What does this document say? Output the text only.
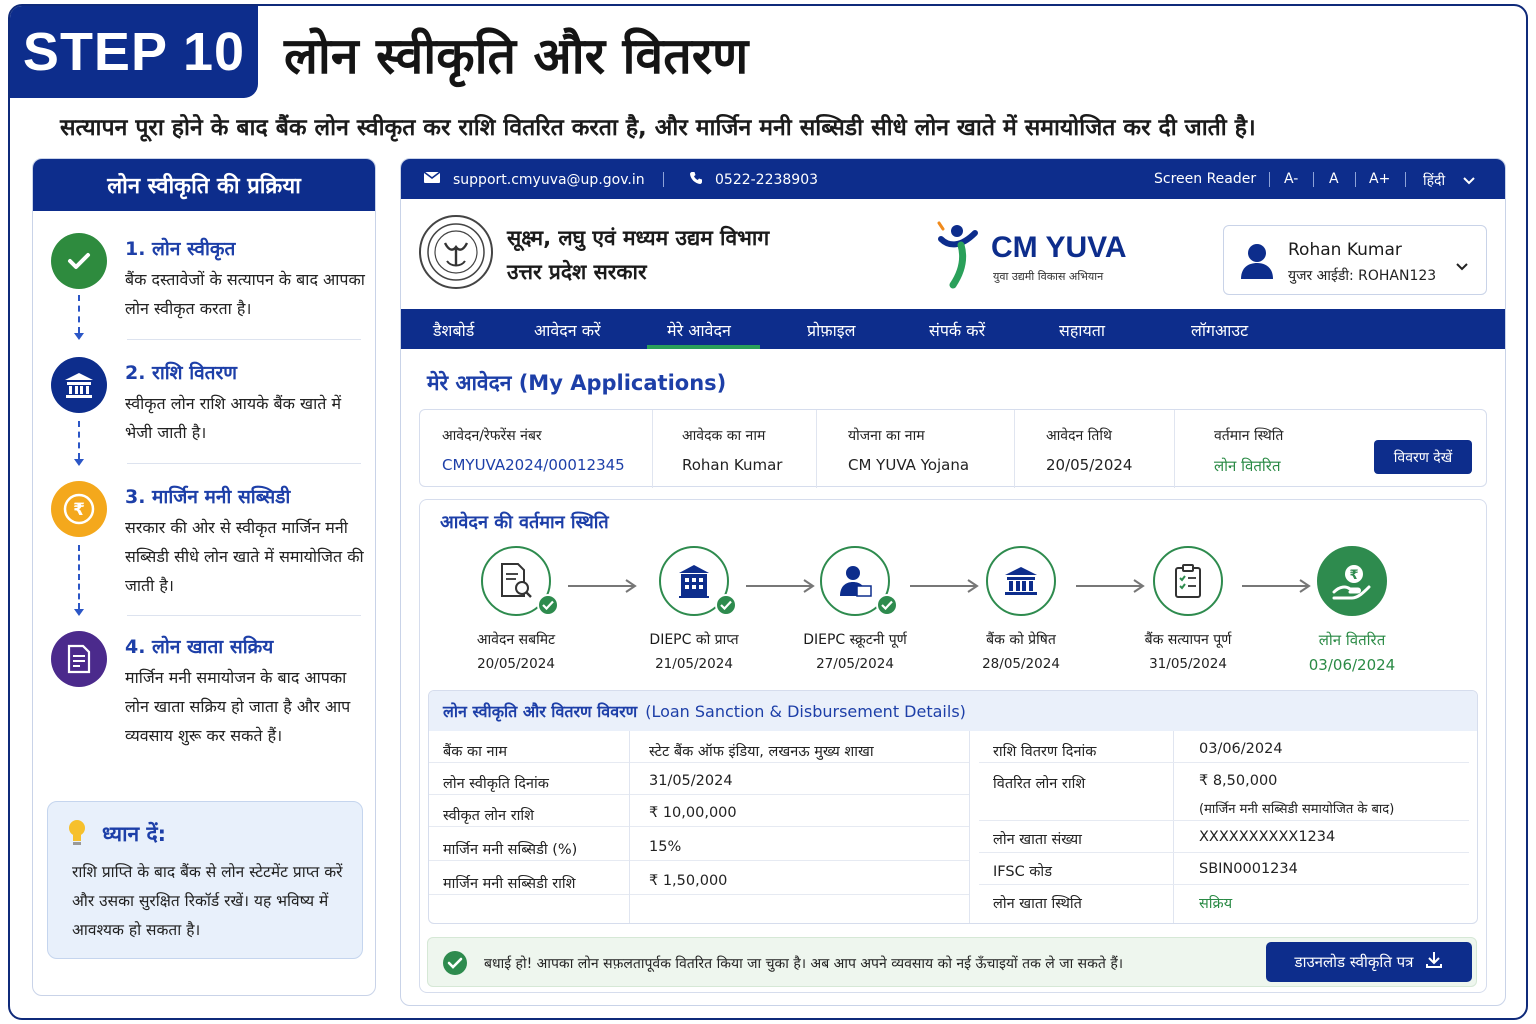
STEP 10 लोन स्वीकृति और वितरण
सत्यापन पूरा होने के बाद बैंक लोन स्वीकृत कर राशि वितरित करता है, और मार्जिन मनी सब्सिडी सीधे लोन खाते में समायोजित कर दी जाती है।
लोन स्वीकृति की प्रक्रिया
1. लोन स्वीकृत
बैंक दस्तावेजों के सत्यापन के बाद आपका लोन स्वीकृत करता है।
2. राशि वितरण
स्वीकृत लोन राशि आयके बैंक खाते में भेजी जाती है।
₹
3. मार्जिन मनी सब्सिडी
सरकार की ओर से स्वीकृत मार्जिन मनी सब्सिडी सीधे लोन खाते में समायोजित की जाती है।
4. लोन खाता सक्रिय
मार्जिन मनी समायोजन के बाद आपका लोन खाता सक्रिय हो जाता है और आप व्यवसाय शुरू कर सकते हैं।
ध्यान दें:
राशि प्राप्ति के बाद बैंक से लोन स्टेटमेंट प्राप्त करें और उसका सुरक्षित रिकॉर्ड रखें। यह भविष्य में आवश्यक हो सकता है।
support.cmyuva@up.gov.in	0522-2238903	Screen Reader A- A A+ हिंदी
सूक्ष्म, लघु एवं मध्यम उद्यम विभाग
उत्तर प्रदेश सरकार
CM YUVA
युवा उद्यमी विकास अभियान
Rohan Kumar
युजर आईडी: ROHAN123
डैशबोर्ड	आवेदन करें	मेरे आवेदन	प्रोफ़ाइल	संपर्क करें	सहायता	लॉगआउट
मेरे आवेदन (My Applications)
आवेदन/रेफरेंस नंबर
CMYUVA2024/00012345
आवेदक का नाम
Rohan Kumar
योजना का नाम
CM YUVA Yojana
आवेदन तिथि
20/05/2024
वर्तमान स्थिति
लोन वितरित	विवरण देखें
आवेदन की वर्तमान स्थिति
आवेदन सबमिट
20/05/2024
DIEPC को प्राप्त
21/05/2024
DIEPC स्क्रूटनी पूर्ण
27/05/2024
बैंक को प्रेषित
28/05/2024
बैंक सत्यापन पूर्ण
31/05/2024
₹
लोन वितरित
03/06/2024
लोन स्वीकृति और वितरण विवरण (Loan Sanction & Disbursement Details)
बैंक का नाम	स्टेट बैंक ऑफ इंडिया, लखनऊ मुख्य शाखा
लोन स्वीकृति दिनांक	31/05/2024
स्वीकृत लोन राशि	₹ 10,00,000
मार्जिन मनी सब्सिडी (%)	15%
मार्जिन मनी सब्सिडी राशि	₹ 1,50,000
राशि वितरण दिनांक	03/06/2024
वितरित लोन राशि	₹ 8,50,000
(मार्जिन मनी सब्सिडी समायोजित के बाद)
लोन खाता संख्या	XXXXXXXXXX1234
IFSC कोड	SBIN0001234
लोन खाता स्थिति	सक्रिय
बधाई हो! आपका लोन सफ़लतापूर्वक वितरित किया जा चुका है। अब आप अपने व्यवसाय को नई ऊँचाइयों तक ले जा सकते हैं।	डाउनलोड स्वीकृति पत्र
